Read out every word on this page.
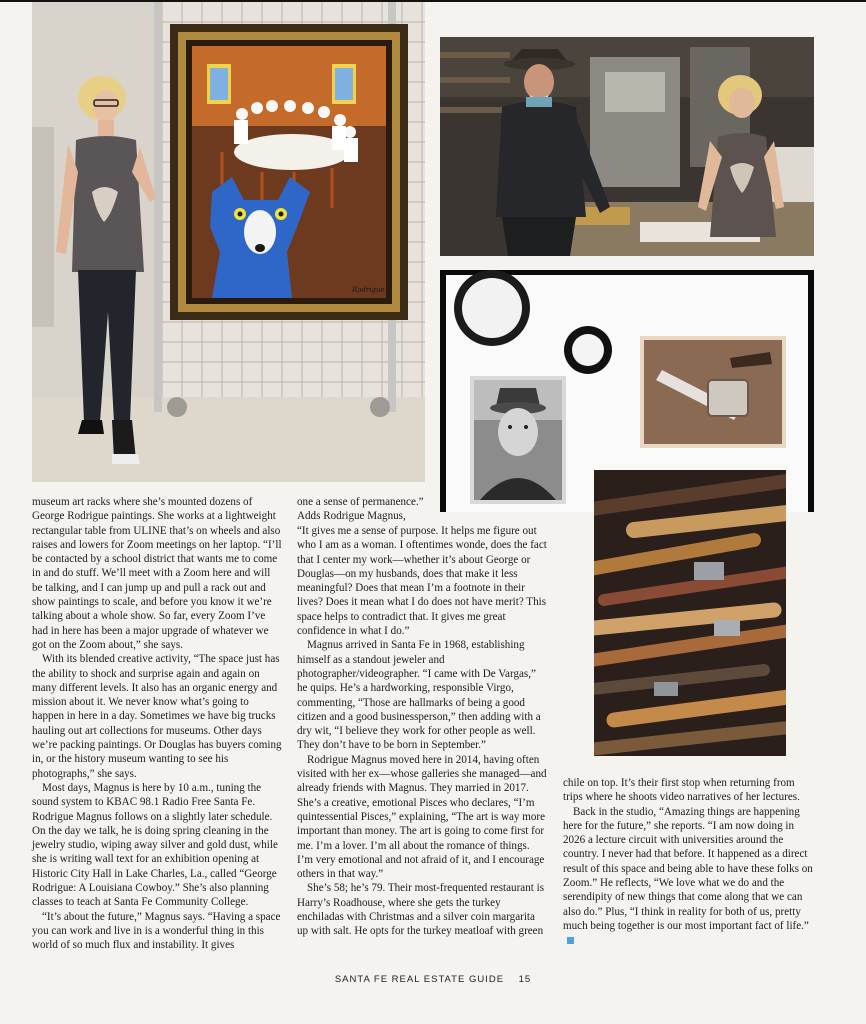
Rodrigue

museum art racks where she’s mounted dozens of George Rodrigue paintings. She works at a lightweight rectangular table from ULINE that’s on wheels and also raises and lowers for Zoom meetings on her laptop. “I’ll be contacted by a school district that wants me to come in and do stuff. We’ll meet with a Zoom here and will be talking, and I can jump up and pull a rack out and show paintings to scale, and before you know it we’re talking about a whole show. So far, every Zoom I’ve had in here has been a major upgrade of whatever we got on the Zoom about,” she says.

With its blended creative activity, “The space just has the ability to shock and surprise again and again on many different levels. It also has an organic energy and mission about it. We never know what’s going to happen in here in a day. Sometimes we have big trucks hauling out art collections for museums. Other days we’re packing paintings. Or Douglas has buyers coming in, or the history museum wanting to see his photographs,” she says.

Most days, Magnus is here by 10 a.m., tuning the sound system to KBAC 98.1 Radio Free Santa Fe. Rodrigue Magnus follows on a slightly later schedule. On the day we talk, he is doing spring cleaning in the jewelry studio, wiping away silver and gold dust, while she is writing wall text for an exhibition opening at Historic City Hall in Lake Charles, La., called “George Rodrigue: A Louisiana Cowboy.” She’s also planning classes to teach at Santa Fe Community College.

“It’s about the future,” Magnus says. “Having a space you can work and live in is a wonderful thing in this world of so much flux and instability. It gives

one a sense of permanence.”

Adds Rodrigue Magnus,

“It gives me a sense of purpose. It helps me figure out who I am as a woman. I oftentimes wonde, does the fact that I center my work—whether it’s about George or Douglas—on my husbands, does that make it less meaningful? Does that mean I’m a footnote in their lives? Does it mean what I do does not have merit? This space helps to contradict that. It gives me great confidence in what I do.”

Magnus arrived in Santa Fe in 1968, establishing himself as a standout jeweler and photographer/videographer. “I came with De Vargas,” he quips. He’s a hardworking, responsible Virgo, commenting, “Those are hallmarks of being a good citizen and a good businessperson,” then adding with a dry wit, “I believe they work for other people as well. They don’t have to be born in September.”

Rodrigue Magnus moved here in 2014, having often visited with her ex—whose galleries she managed—and already friends with Magnus. They married in 2017. She’s a creative, emotional Pisces who declares, “I’m quintessential Pisces,” explaining, “The art is way more important than money. The art is going to come first for me. I’m a lover. I’m all about the romance of things. I’m very emotional and not afraid of it, and I encourage others in that way.”

She’s 58; he’s 79. Their most-frequented restaurant is Harry’s Roadhouse, where she gets the turkey enchiladas with Christmas and a silver coin margarita up with salt. He opts for the turkey meatloaf with green

chile on top. It’s their first stop when returning from trips where he shoots video narratives of her lectures.

Back in the studio, “Amazing things are happening here for the future,” she reports. “I am now doing in 2026 a lecture circuit with universities around the country. I never had that before. It happened as a direct result of this space and being able to have these folks on Zoom.” He reflects, “We love what we do and the serendipity of new things that come along that we can also do.” Plus, “I think in reality for both of us, pretty much being together is our most important fact of life.”

SANTA FE REAL ESTATE GUIDE 15
